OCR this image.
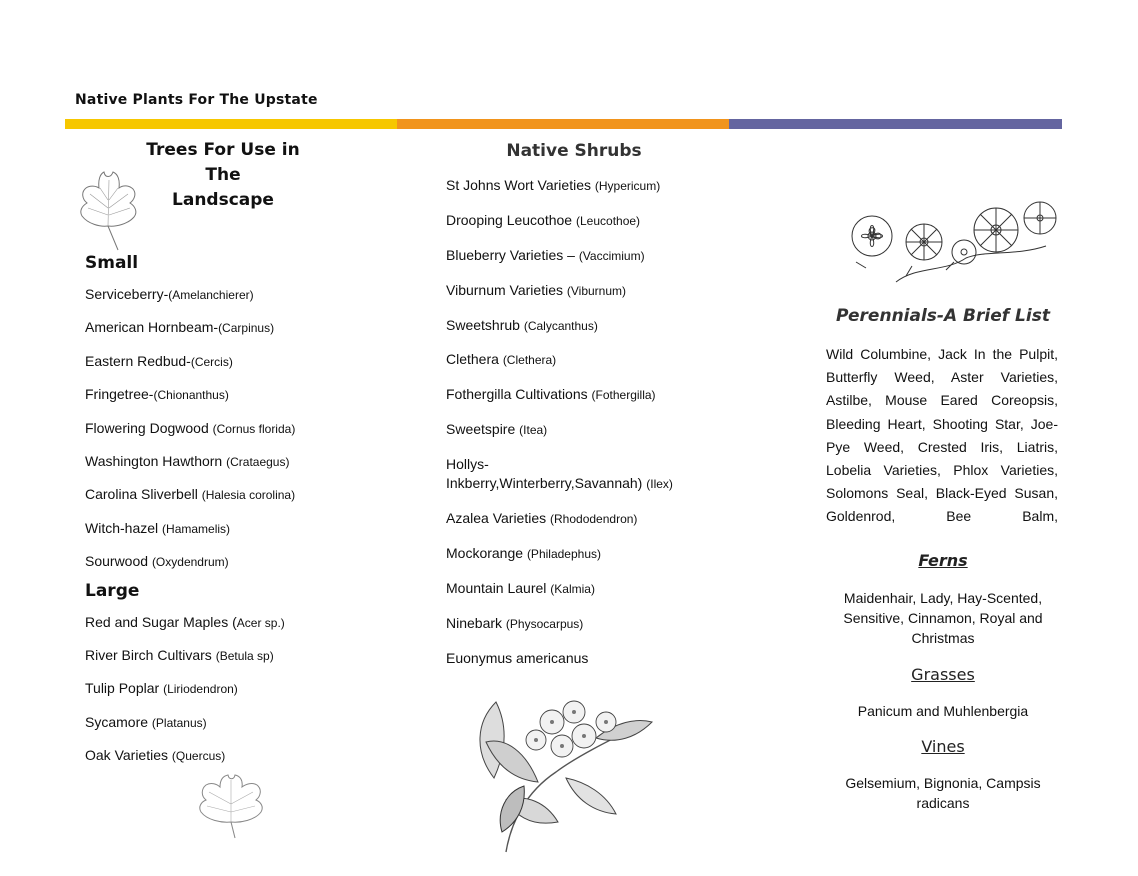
Native Plants For The Upstate
Trees For Use in The
Landscape
Small
Serviceberry-(Amelanchierer)
American Hornbeam-(Carpinus)
Eastern Redbud-(Cercis)
Fringetree-(Chionanthus)
Flowering Dogwood (Cornus florida)
Washington Hawthorn (Crataegus)
Carolina Sliverbell (Halesia corolina)
Witch-hazel (Hamamelis)
Sourwood (Oxydendrum)
Large
Red and Sugar Maples (Acer sp.)
River Birch Cultivars (Betula sp)
Tulip Poplar (Liriodendron)
Sycamore (Platanus)
Oak Varieties (Quercus)
Native Shrubs
St Johns Wort Varieties (Hypericum)
Drooping Leucothoe (Leucothoe)
Blueberry Varieties – (Vaccimium)
Viburnum Varieties (Viburnum)
Sweetshrub (Calycanthus)
Clethera (Clethera)
Fothergilla Cultivations (Fothergilla)
Sweetspire (Itea)
Hollys-Inkberry,Winterberry,Savannah) (Ilex)
Azalea Varieties (Rhododendron)
Mockorange (Philadephus)
Mountain Laurel (Kalmia)
Ninebark (Physocarpus)
Euonymus americanus
Perennials-A Brief List
Wild Columbine, Jack In the Pulpit, Butterfly Weed, Aster Varieties, Astilbe, Mouse Eared Coreopsis, Bleeding Heart, Shooting Star, Joe-Pye Weed, Crested Iris, Liatris, Lobelia Varieties, Phlox Varieties, Solomons Seal, Black-Eyed Susan, Goldenrod, Bee Balm,
Ferns
Maidenhair, Lady, Hay-Scented, Sensitive, Cinnamon, Royal and Christmas
Grasses
Panicum and Muhlenbergia
Vines
Gelsemium, Bignonia, Campsis radicans
